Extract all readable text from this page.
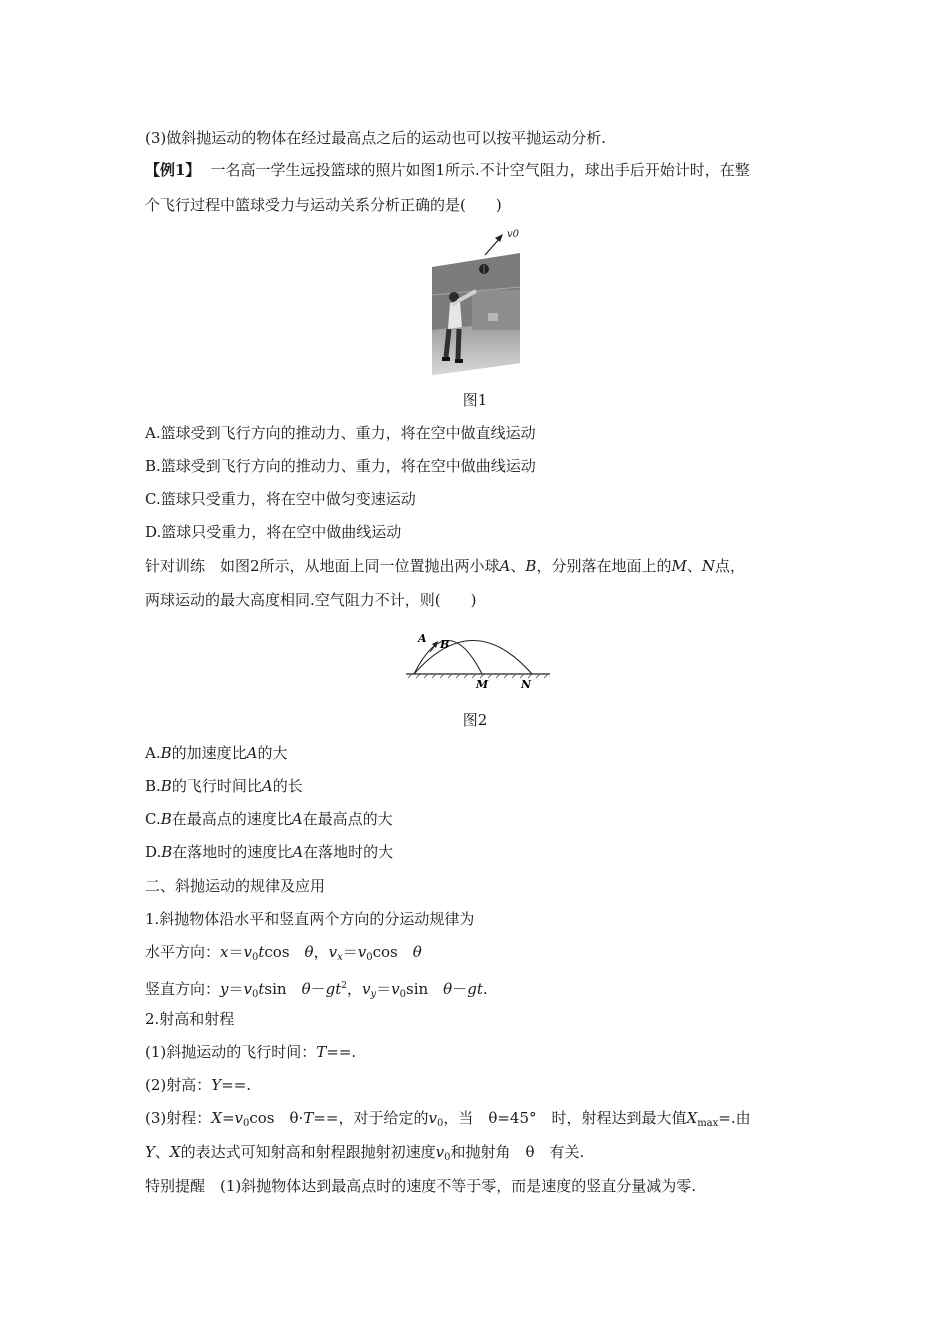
(3)做斜抛运动的物体在经过最高点之后的运动也可以按平抛运动分析.
【例1】 一名高一学生远投篮球的照片如图1所示.不计空气阻力，球出手后开始计时，在整
个飞行过程中篮球受力与运动关系分析正确的是(　　)
v0
图1
A.篮球受到飞行方向的推动力、重力，将在空中做直线运动
B.篮球受到飞行方向的推动力、重力，将在空中做曲线运动
C.篮球只受重力，将在空中做匀变速运动
D.篮球只受重力，将在空中做曲线运动
针对训练　如图2所示，从地面上同一位置抛出两小球A、B，分别落在地面上的M、N点，
两球运动的最大高度相同.空气阻力不计，则(　　)
A B
M	N
图2
A.B的加速度比A的大
B.B的飞行时间比A的长
C.B在最高点的速度比A在最高点的大
D.B在落地时的速度比A在落地时的大
二、斜抛运动的规律及应用
1.斜抛物体沿水平和竖直两个方向的分运动规律为
水平方向：$x=v_0tcos$　θ，$v_x=v_0\cos$　θ
竖直方向：$y=v_0tsin$　$\theta-gt^2$，$v_y=v_0\sin$　θ－gt.
2.射高和射程
(1)斜抛运动的飞行时间：T==.
(2)射高：Y==.
(3)射程：$X=v_0\cos$　θ·T==，对于给定的$v_0$，当　θ=45°　时，射程达到最大值$X_{max}=$.由
Y、X的表达式可知射高和射程跟抛射初速度$v_0$和抛射角　θ　有关.
特别提醒　(1)斜抛物体达到最高点时的速度不等于零，而是速度的竖直分量减为零.
